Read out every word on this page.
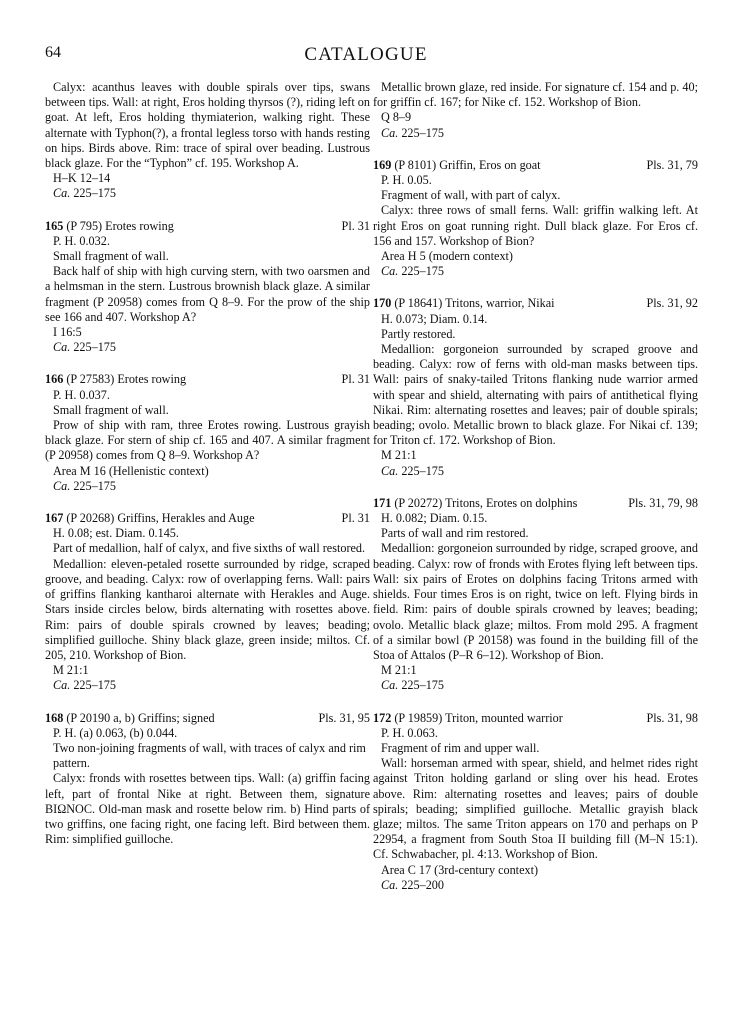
64	CATALOGUE

Calyx: acanthus leaves with double spirals over tips, swans between tips. Wall: at right, Eros holding thyrsos (?), riding left on goat. At left, Eros holding thymiaterion, walking right. These alternate with Typhon(?), a frontal legless torso with hands resting on hips. Birds above. Rim: trace of spiral over beading. Lustrous black glaze. For the “Typhon” cf. 195. Workshop A.

H–K 12–14

Ca. 225–175

165 (P 795) Erotes rowing	Pl. 31

P. H. 0.032.

Small fragment of wall.

Back half of ship with high curving stern, with two oarsmen and a helmsman in the stern. Lustrous brownish black glaze. A similar fragment (P 20958) comes from Q 8–9. For the prow of the ship see 166 and 407. Workshop A?

I 16:5

Ca. 225–175

166 (P 27583) Erotes rowing	Pl. 31

P. H. 0.037.

Small fragment of wall.

Prow of ship with ram, three Erotes rowing. Lustrous grayish black glaze. For stern of ship cf. 165 and 407. A similar fragment (P 20958) comes from Q 8–9. Workshop A?

Area M 16 (Hellenistic context)

Ca. 225–175

167 (P 20268) Griffins, Herakles and Auge	Pl. 31

H. 0.08; est. Diam. 0.145.

Part of medallion, half of calyx, and five sixths of wall restored.

Medallion: eleven-petaled rosette surrounded by ridge, scraped groove, and beading. Calyx: row of overlapping ferns. Wall: pairs of griffins flanking kantharoi alternate with Herakles and Auge. Stars inside circles below, birds alternating with rosettes above. Rim: pairs of double spirals crowned by leaves; beading; simplified guilloche. Shiny black glaze, green inside; miltos. Cf. 205, 210. Workshop of Bion.

M 21:1

Ca. 225–175

168 (P 20190 a, b) Griffins; signed	Pls. 31, 95

P. H. (a) 0.063, (b) 0.044.

Two non-joining fragments of wall, with traces of calyx and rim pattern.

Calyx: fronds with rosettes between tips. Wall: (a) griffin facing left, part of frontal Nike at right. Between them, signature BIΩNOC. Old-man mask and rosette below rim. b) Hind parts of two griffins, one facing right, one facing left. Bird between them. Rim: simplified guilloche.

Metallic brown glaze, red inside. For signature cf. 154 and p. 40; for griffin cf. 167; for Nike cf. 152. Workshop of Bion.

Q 8–9

Ca. 225–175

169 (P 8101) Griffin, Eros on goat	Pls. 31, 79

P. H. 0.05.

Fragment of wall, with part of calyx.

Calyx: three rows of small ferns. Wall: griffin walking left. At right Eros on goat running right. Dull black glaze. For Eros cf. 156 and 157. Workshop of Bion?

Area H 5 (modern context)

Ca. 225–175

170 (P 18641) Tritons, warrior, Nikai	Pls. 31, 92

H. 0.073; Diam. 0.14.

Partly restored.

Medallion: gorgoneion surrounded by scraped groove and beading. Calyx: row of ferns with old-man masks between tips. Wall: pairs of snaky-tailed Tritons flanking nude warrior armed with spear and shield, alternating with pairs of antithetical flying Nikai. Rim: alternating rosettes and leaves; pair of double spirals; beading; ovolo. Metallic brown to black glaze. For Nikai cf. 139; for Triton cf. 172. Workshop of Bion.

M 21:1

Ca. 225–175

171 (P 20272) Tritons, Erotes on dolphins	Pls. 31, 79, 98

H. 0.082; Diam. 0.15.

Parts of wall and rim restored.

Medallion: gorgoneion surrounded by ridge, scraped groove, and beading. Calyx: row of fronds with Erotes flying left between tips. Wall: six pairs of Erotes on dolphins facing Tritons armed with shields. Four times Eros is on right, twice on left. Flying birds in field. Rim: pairs of double spirals crowned by leaves; beading; ovolo. Metallic black glaze; miltos. From mold 295. A fragment of a similar bowl (P 20158) was found in the building fill of the Stoa of Attalos (P–R 6–12). Workshop of Bion.

M 21:1

Ca. 225–175

172 (P 19859) Triton, mounted warrior	Pls. 31, 98

P. H. 0.063.

Fragment of rim and upper wall.

Wall: horseman armed with spear, shield, and helmet rides right against Triton holding garland or sling over his head. Erotes above. Rim: alternating rosettes and leaves; pairs of double spirals; beading; simplified guilloche. Metallic grayish black glaze; miltos. The same Triton appears on 170 and perhaps on P 22954, a fragment from South Stoa II building fill (M–N 15:1). Cf. Schwabacher, pl. 4:13. Workshop of Bion.

Area C 17 (3rd-century context)

Ca. 225–200
